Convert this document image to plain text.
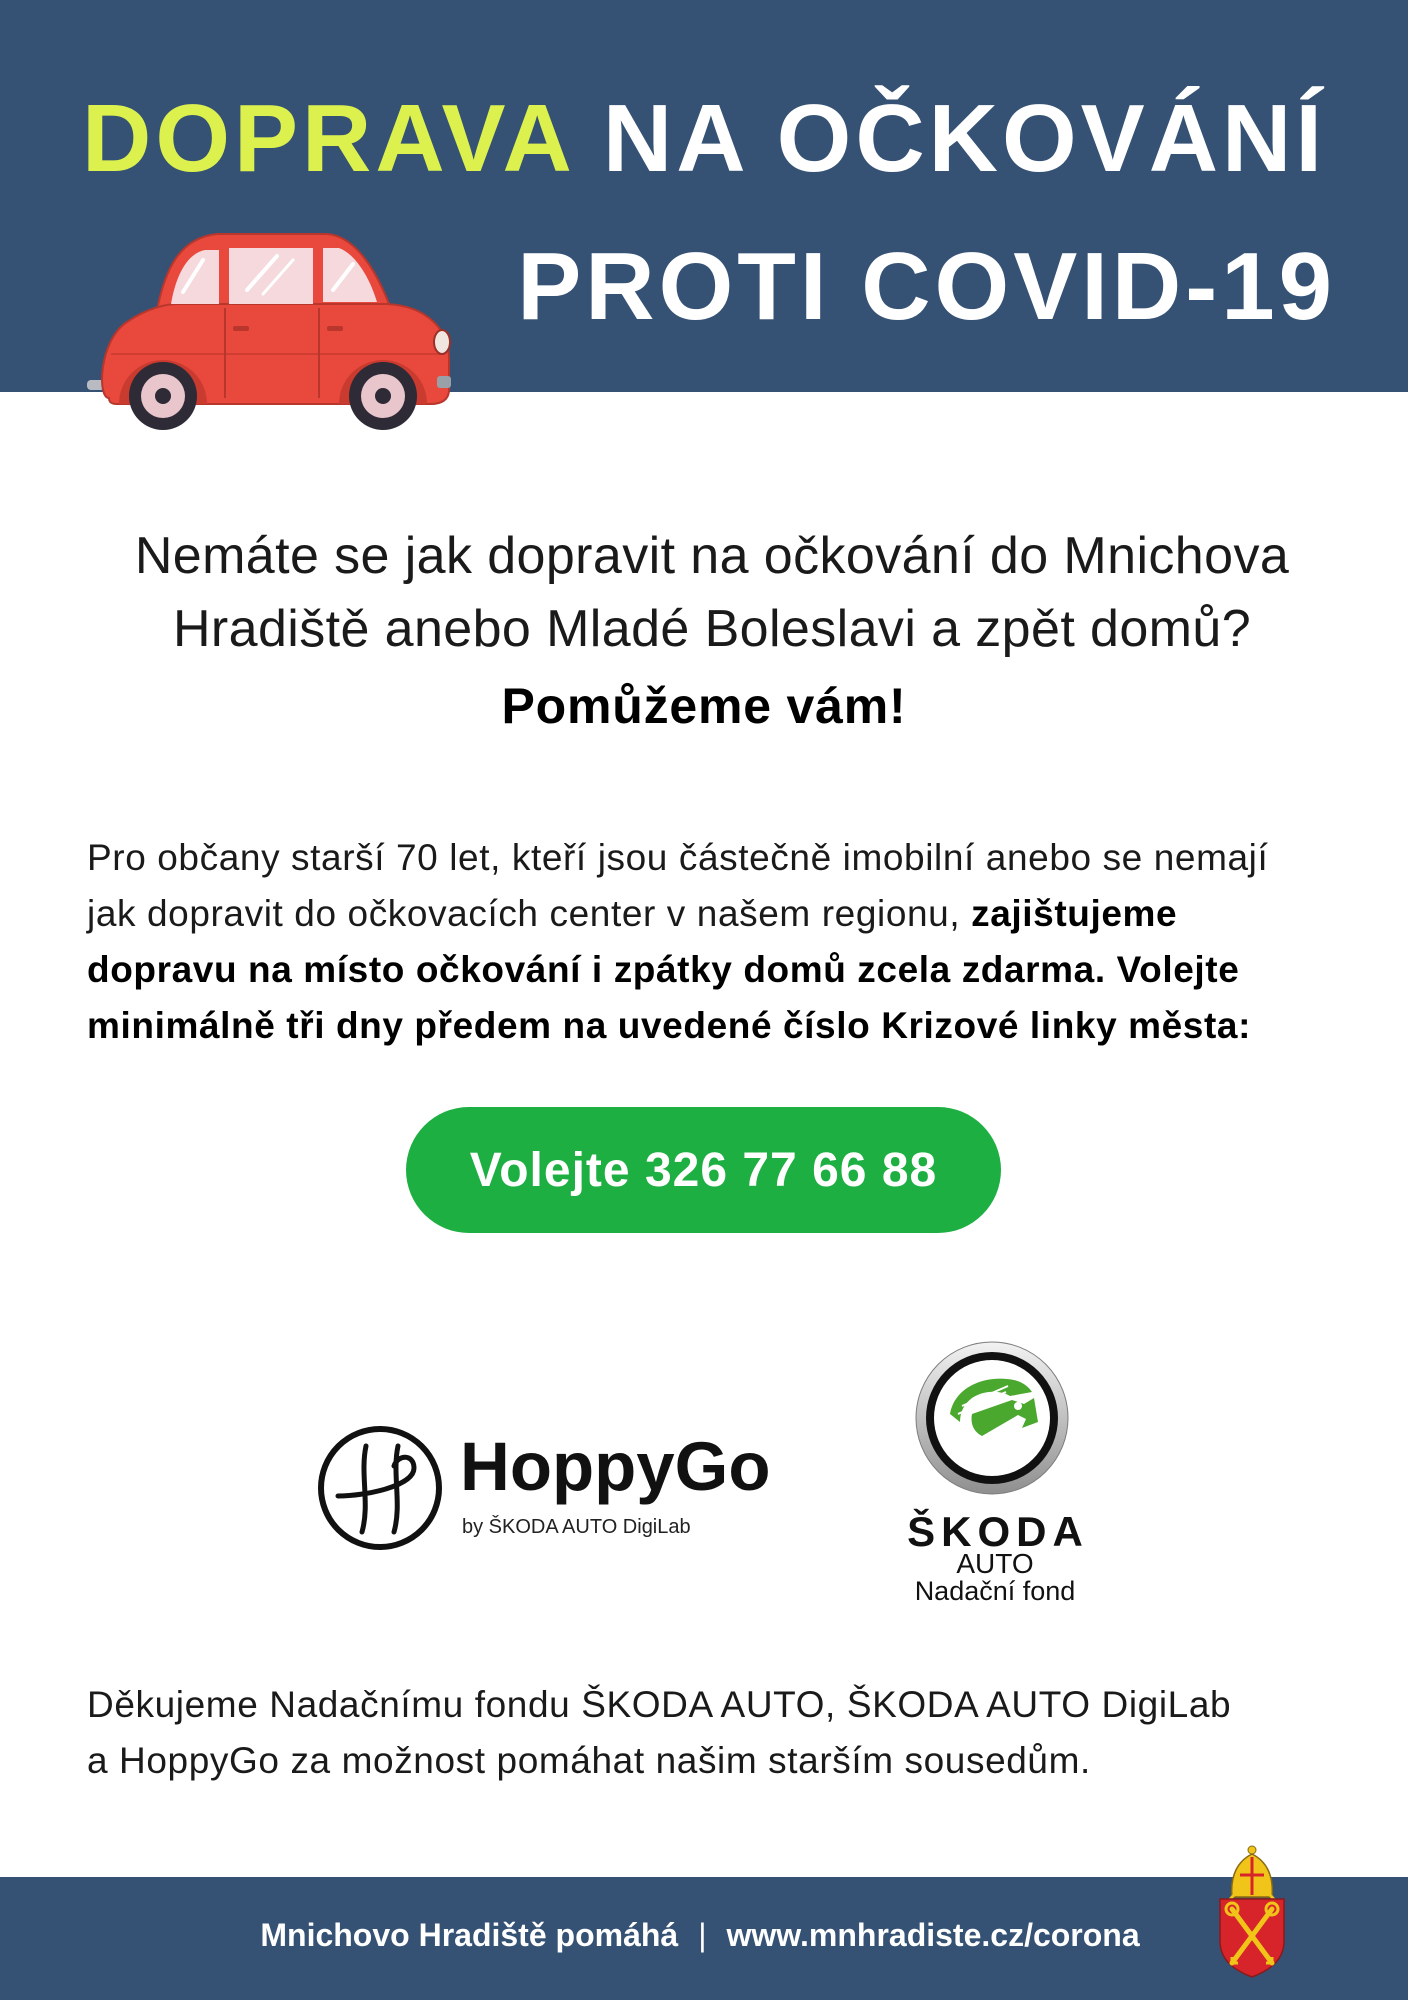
DOPRAVA NA OČKOVÁNÍ
PROTI COVID-19
Nemáte se jak dopravit na očkování do Mnichova
Hradiště anebo Mladé Boleslavi a zpět domů?
Pomůžeme vám!

Pro občany starší 70 let, kteří jsou částečně imobilní anebo se nemají jak dopravit do očkovacích center v našem regionu, zajištujeme dopravu na místo očkování i zpátky domů zcela zdarma. Volejte minimálně tři dny předem na uvedené číslo Krizové linky města:

Volejte 326 77 66 88
HoppyGo
by ŠKODA AUTO DigiLab	ŠKODA
AUTO
Nadační fond
Děkujeme Nadačnímu fondu ŠKODA AUTO, ŠKODA AUTO DigiLab
a HoppyGo za možnost pomáhat našim starším sousedům.
Mnichovo Hradiště pomáhá | www.mnhradiste.cz/corona
